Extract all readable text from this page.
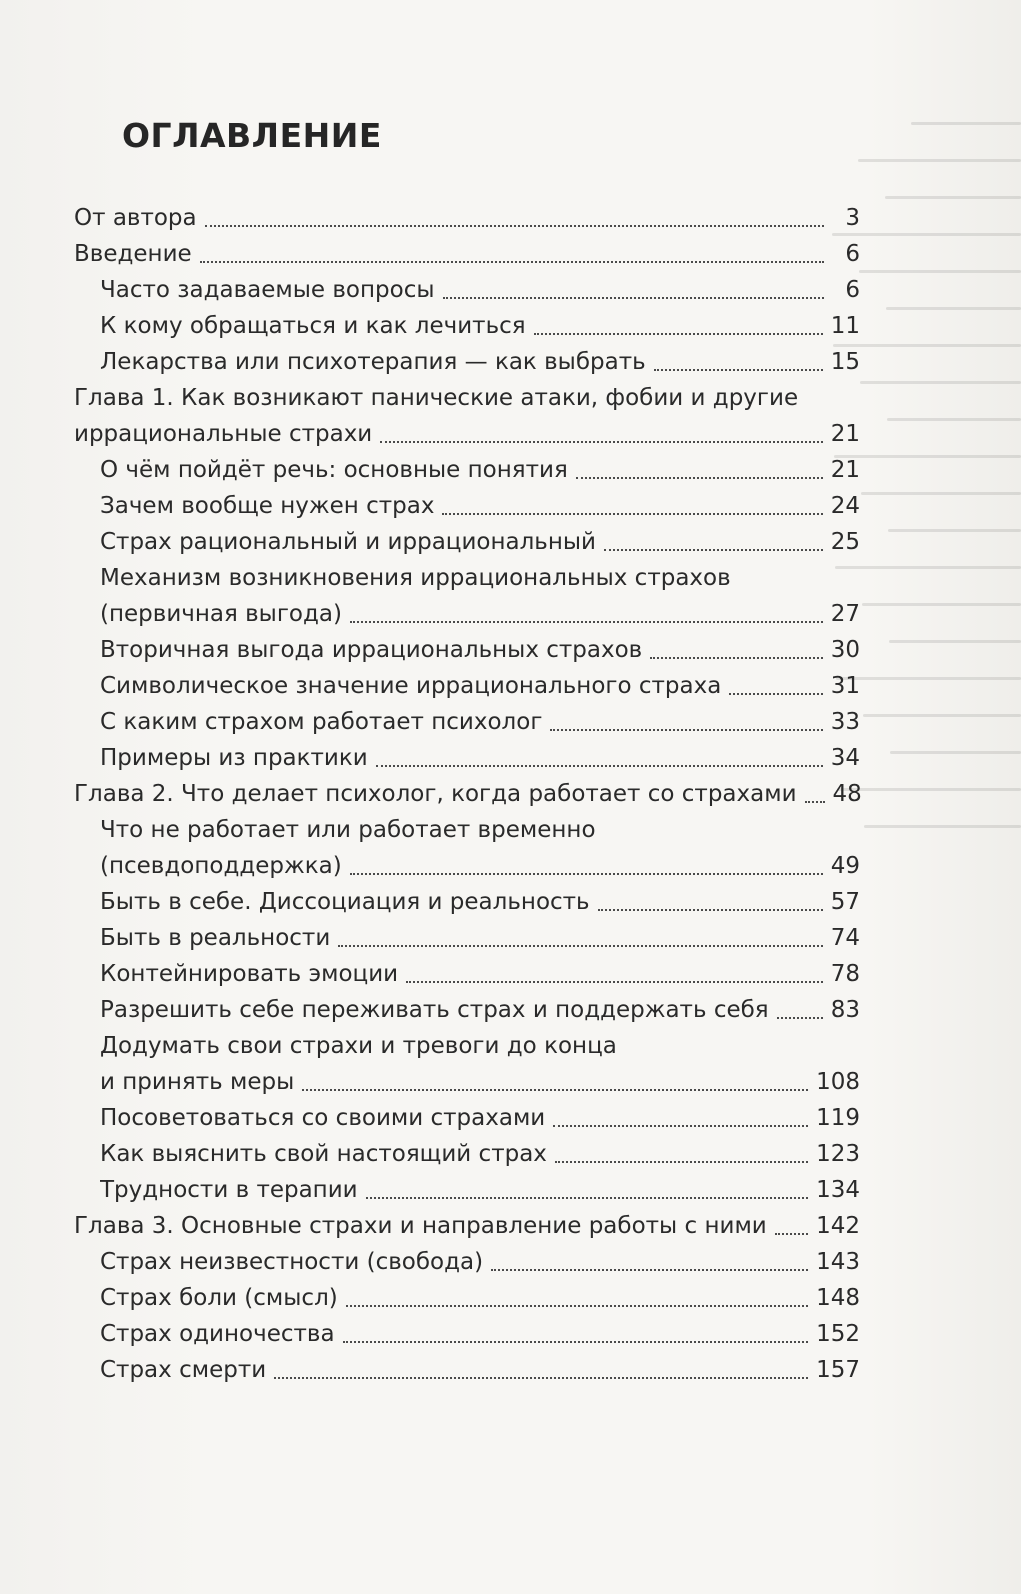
ОГЛАВЛЕНИЕ
От автора	3
Введение	6
Часто задаваемые вопросы	6
К кому обращаться и как лечиться	11
Лекарства или психотерапия — как выбрать	15
Глава 1. Как возникают панические атаки, фобии и другие
иррациональные страхи	21
О чём пойдёт речь: основные понятия	21
Зачем вообще нужен страх	24
Страх рациональный и иррациональный	25
Механизм возникновения иррациональных страхов
(первичная выгода)	27
Вторичная выгода иррациональных страхов	30
Символическое значение иррационального страха	31
С каким страхом работает психолог	33
Примеры из практики	34
Глава 2. Что делает психолог, когда работает со страхами 48
Что не работает или работает временно
(псевдоподдержка)	49
Быть в себе. Диссоциация и реальность	57
Быть в реальности	74
Контейнировать эмоции	78
Разрешить себе переживать страх и поддержать себя	83
Додумать свои страхи и тревоги до конца
и принять меры	108
Посоветоваться со своими страхами	119
Как выяснить свой настоящий страх	123
Трудности в терапии	134
Глава 3. Основные страхи и направление работы с ними 142
Страх неизвестности (свобода)	143
Страх боли (смысл)	148
Страх одиночества	152
Страх смерти	157
